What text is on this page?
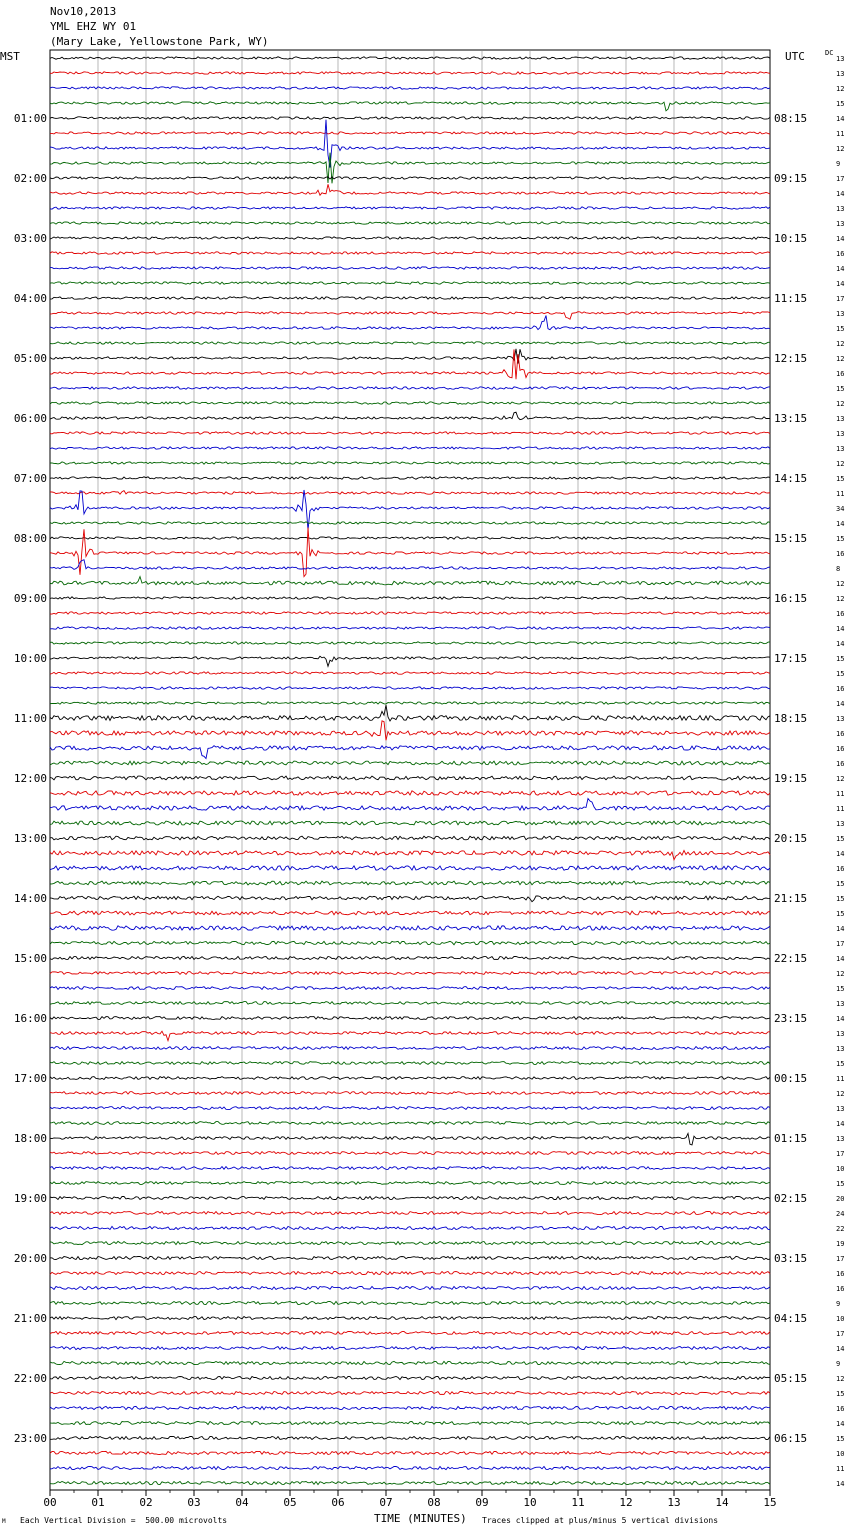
Nov10,2013
YML EHZ WY 01
(Mary Lake, Yellowstone Park, WY)
MST	UTC	DC
13
13
12
15
14
01:00	08:15
11
12
9
17
02:00	09:15
14
13
13
14
03:00	10:15
16
14
14
17
04:00	11:15
13
15
12
12
05:00	12:15
16
15
12
13
06:00	13:15
13
13
12
15
07:00	14:15
11
34
14
15
08:00	15:15
16
8
12
12
09:00	16:15
16
14
14
15
10:00	17:15
15
16
14
13
11:00	18:15
16
16
16
12
12:00	19:15
11
11
13
15
13:00	20:15
14
16
15
15
14:00	21:15
15
14
17
14
15:00	22:15
12
15
13
14
16:00	23:15
13
13
15
11
17:00	00:15
12
13
14
13
18:00	01:15
17
10
15
20
19:00	02:15
24
22
19
17
20:00	03:15
16
16
9
10
21:00	04:15
17
14
9
12
22:00	05:15
15
16
14
15
23:00	06:15
10
11
14
00	01	02	03	04	05	06	07	08	09	10	11	12	13	14	15
M Each Vertical Division =  500.00 microvolts	TIME (MINUTES) Traces clipped at plus/minus 5 vertical divisions
